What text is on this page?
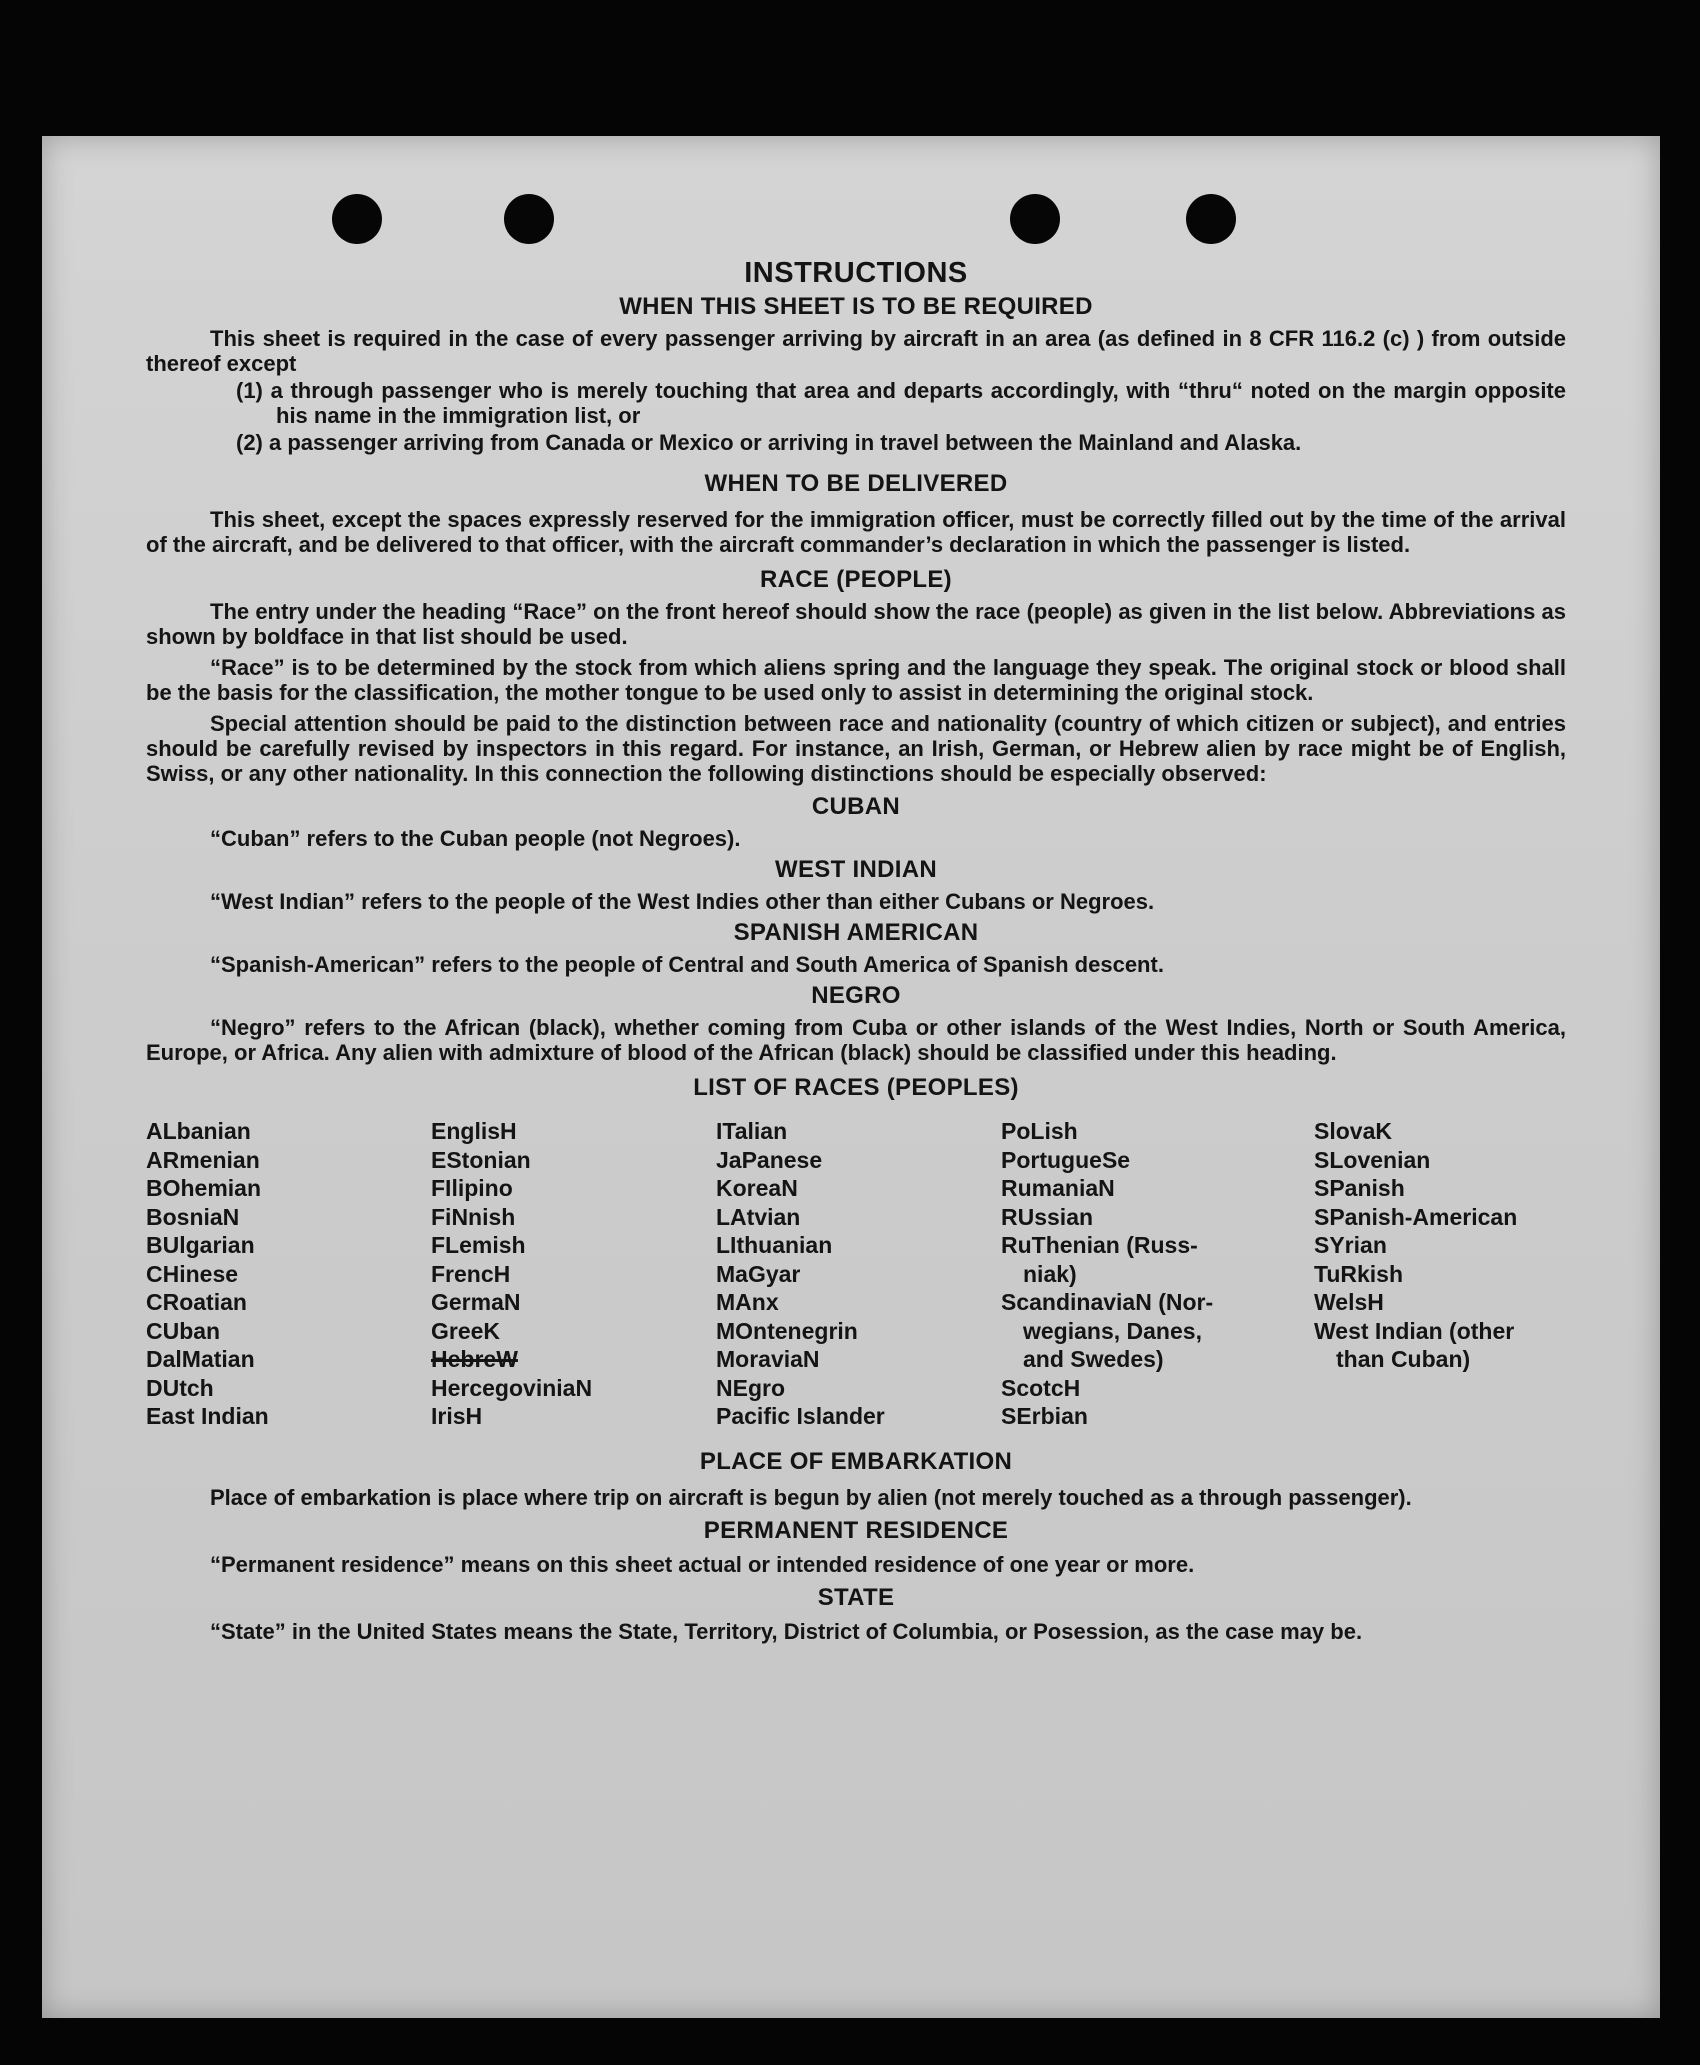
INSTRUCTIONS
WHEN THIS SHEET IS TO BE REQUIRED

This sheet is required in the case of every passenger arriving by aircraft in an area (as defined in 8 CFR 116.2 (c) ) from outside thereof except

(1) a through passenger who is merely touching that area and departs accordingly, with “thru“ noted on the margin opposite his name in the immigration list, or

(2) a passenger arriving from Canada or Mexico or arriving in travel between the Mainland and Alaska.

WHEN TO BE DELIVERED

This sheet, except the spaces expressly reserved for the immigration officer, must be correctly filled out by the time of the arrival of the aircraft, and be delivered to that officer, with the aircraft commander’s declaration in which the passenger is listed.

RACE (PEOPLE)

The entry under the heading “Race” on the front hereof should show the race (people) as given in the list below. Abbreviations as shown by boldface in that list should be used.

“Race” is to be determined by the stock from which aliens spring and the language they speak. The original stock or blood shall be the basis for the classification, the mother tongue to be used only to assist in determining the original stock.

Special attention should be paid to the distinction between race and nationality (country of which citizen or subject), and entries should be carefully revised by inspectors in this regard. For instance, an Irish, German, or Hebrew alien by race might be of English, Swiss, or any other nationality. In this connection the following distinctions should be especially observed:

CUBAN

“Cuban” refers to the Cuban people (not Negroes).

WEST INDIAN

“West Indian” refers to the people of the West Indies other than either Cubans or Negroes.

SPANISH AMERICAN

“Spanish-American” refers to the people of Central and South America of Spanish descent.

NEGRO

“Negro” refers to the African (black), whether coming from Cuba or other islands of the West Indies, North or South America, Europe, or Africa. Any alien with admixture of blood of the African (black) should be classified under this heading.

LIST OF RACES (PEOPLES)
ALbanian
ARmenian
BOhemian
BosniaN
BUlgarian
CHinese
CRoatian
CUban
DalMatian
DUtch
East Indian
EnglisH
EStonian
FIlipino
FiNnish
FLemish
FrencH
GermaN
GreeK
HebreW
HercegoviniaN
IrisH
ITalian
JaPanese
KoreaN
LAtvian
LIthuanian
MaGyar
MAnx
MOntenegrin
MoraviaN
NEgro
Pacific Islander
PoLish
PortugueSe
RumaniaN
RUssian
RuThenian (Russ-
niak)
ScandinaviaN (Nor-
wegians, Danes,
and Swedes)
ScotcH
SErbian
SlovaK
SLovenian
SPanish
SPanish-American
SYrian
TuRkish
WelsH
West Indian (other
than Cuban)
PLACE OF EMBARKATION

Place of embarkation is place where trip on aircraft is begun by alien (not merely touched as a through passenger).

PERMANENT RESIDENCE

“Permanent residence” means on this sheet actual or intended residence of one year or more.

STATE

“State” in the United States means the State, Territory, District of Columbia, or Posession, as the case may be.
